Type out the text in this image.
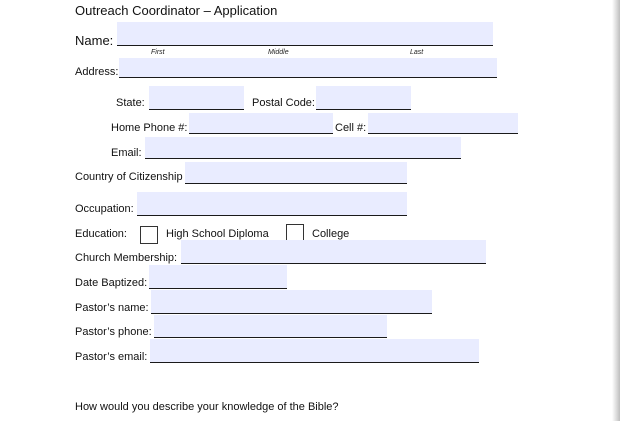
Outreach Coordinator – Application
Name:
First	Middle	Last
Address:
State:	Postal Code:
Home Phone #:	Cell #:
Email:
Country of Citizenship
Occupation:
Education:	High School Diploma	College
Church Membership:
Date Baptized:
Pastor’s name:
Pastor’s phone:
Pastor’s email:
How would you describe your knowledge of the Bible?
